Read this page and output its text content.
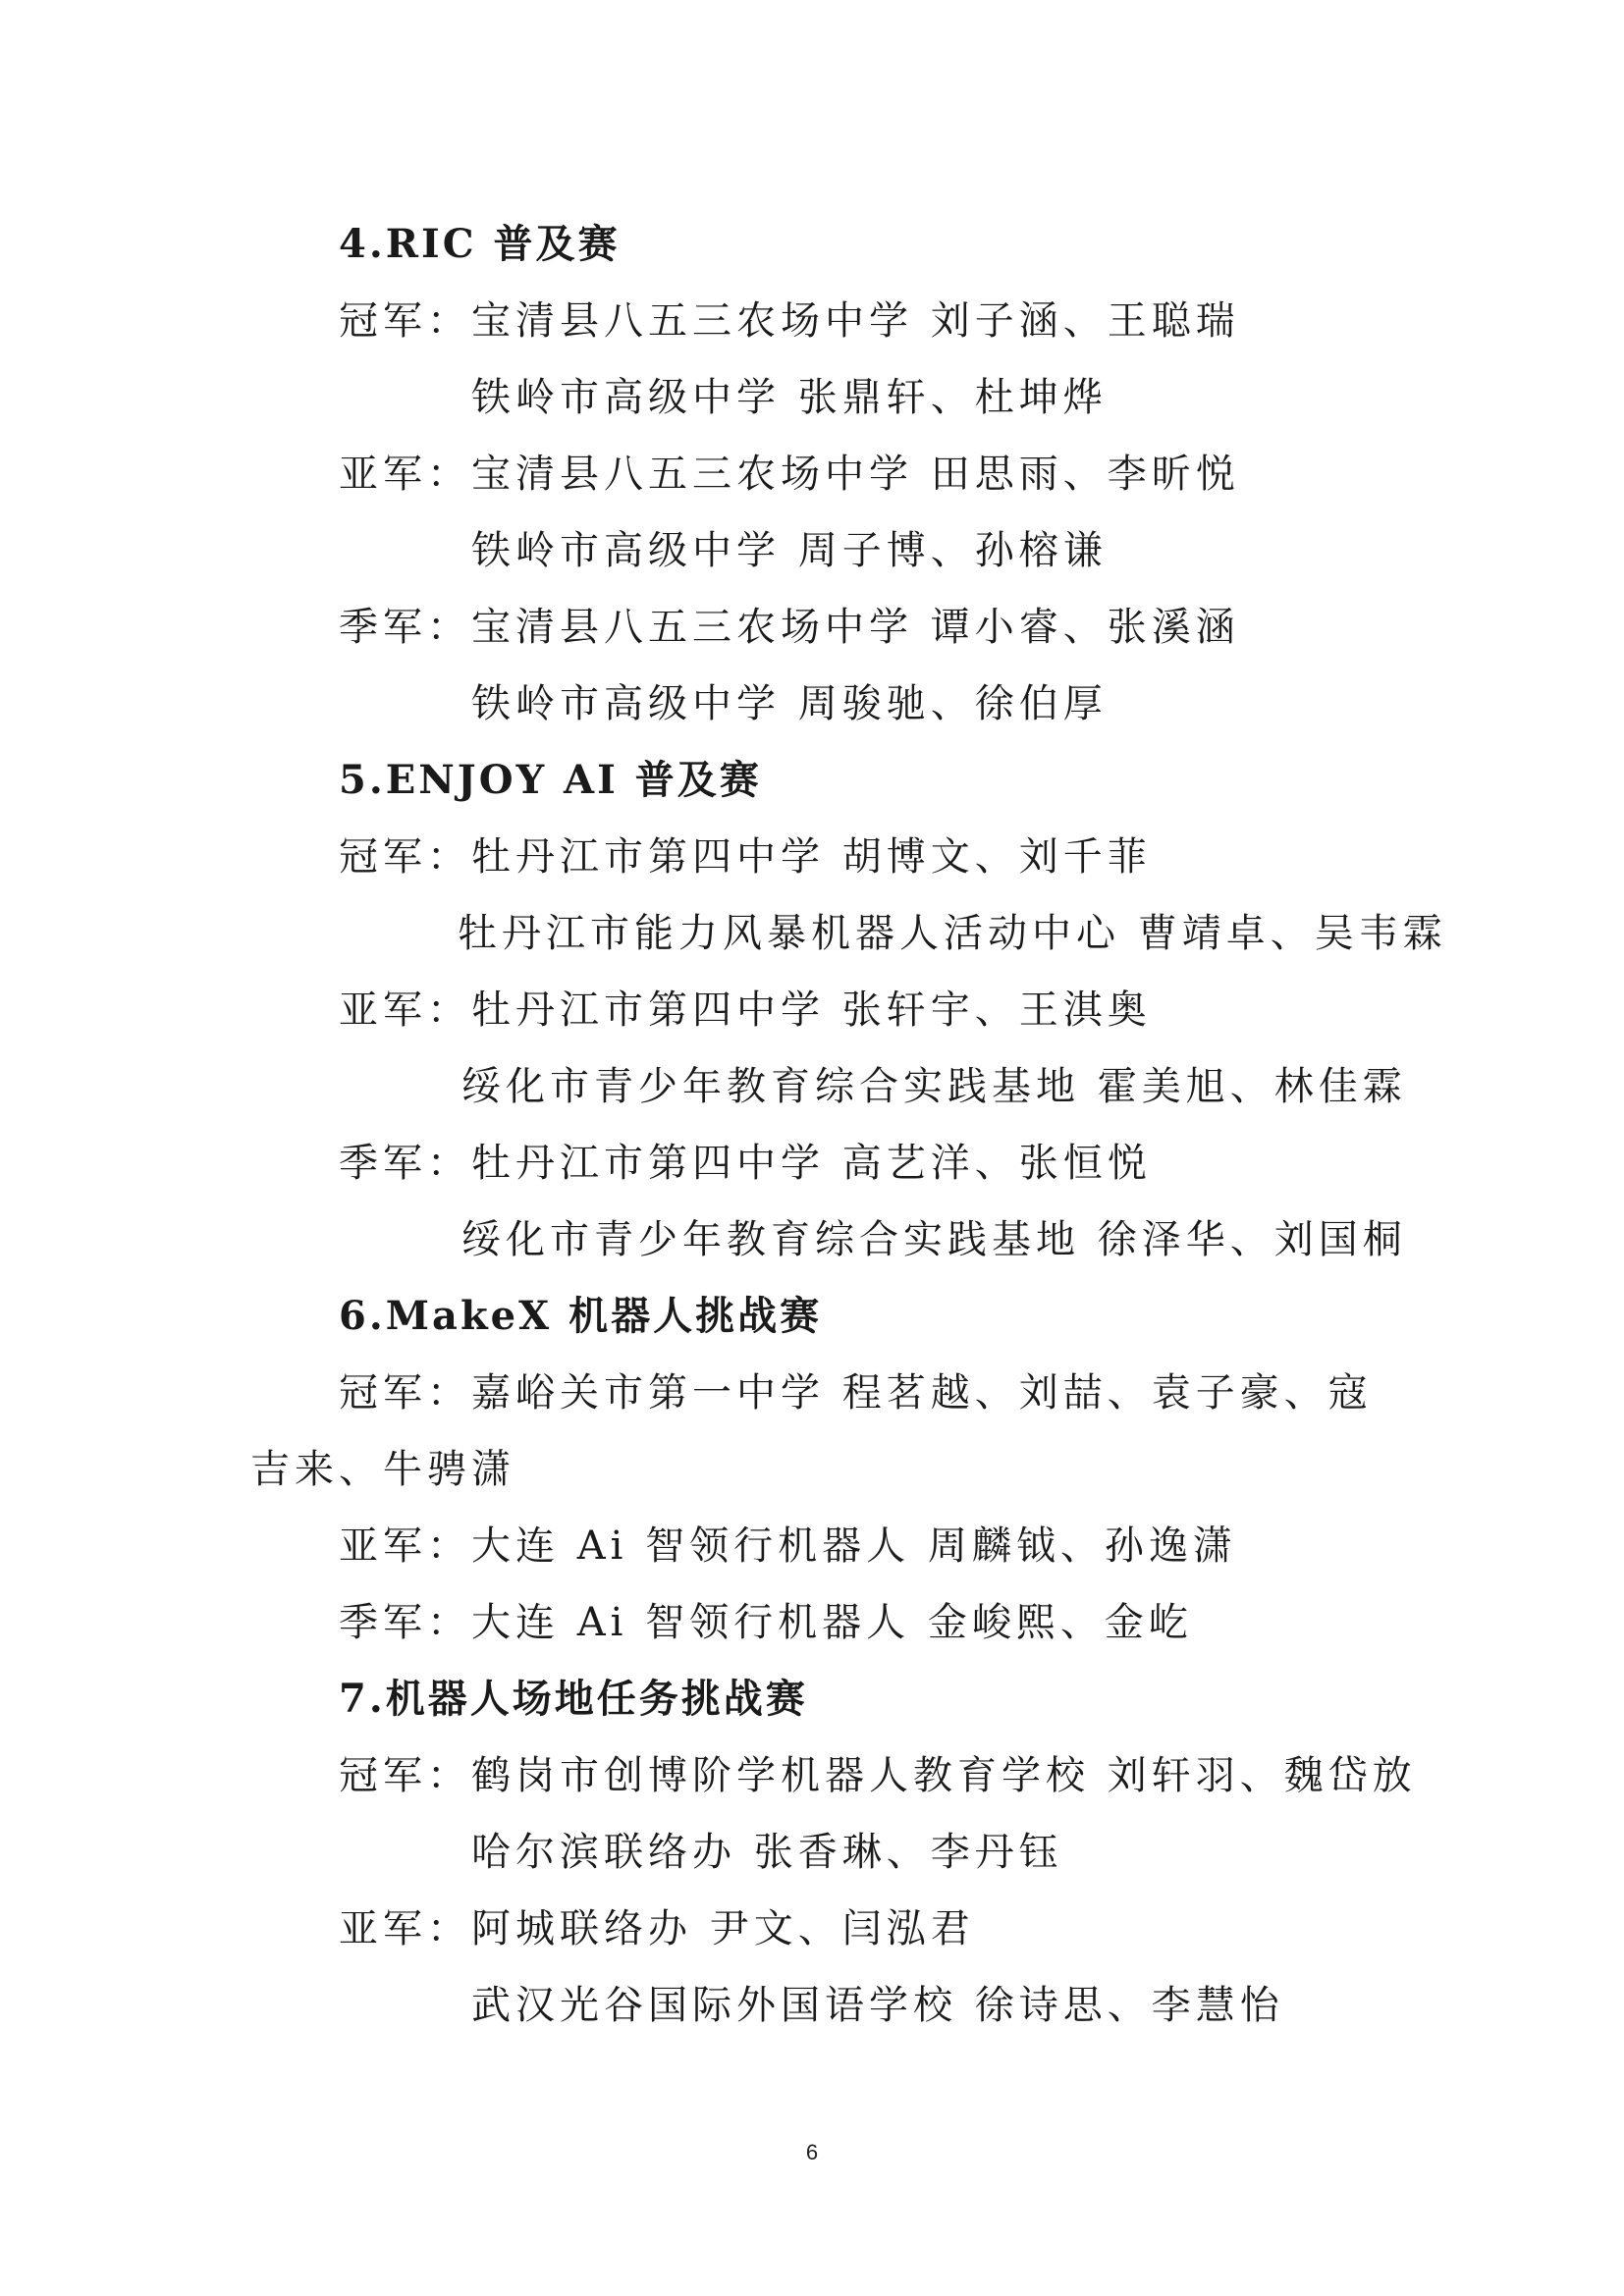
4.RIC 普及赛
冠军：宝清县八五三农场中学 刘子涵、王聪瑞
铁岭市高级中学 张鼎轩、杜坤烨
亚军：宝清县八五三农场中学 田思雨、李昕悦
铁岭市高级中学 周子博、孙榕谦
季军：宝清县八五三农场中学 谭小睿、张溪涵
铁岭市高级中学 周骏驰、徐伯厚
5.ENJOY AI 普及赛
冠军：牡丹江市第四中学 胡博文、刘千菲
牡丹江市能力风暴机器人活动中心 曹靖卓、吴韦霖
亚军：牡丹江市第四中学 张轩宇、王淇奥
绥化市青少年教育综合实践基地 霍美旭、林佳霖
季军：牡丹江市第四中学 高艺洋、张恒悦
绥化市青少年教育综合实践基地 徐泽华、刘国桐
6.MakeX 机器人挑战赛
冠军：嘉峪关市第一中学 程茗越、刘喆、袁子豪、寇
吉来、牛骋潇
亚军：大连 Ai 智领行机器人 周麟钺、孙逸潇
季军：大连 Ai 智领行机器人 金峻熙、金屹
7.机器人场地任务挑战赛
冠军：鹤岗市创博阶学机器人教育学校 刘轩羽、魏岱放
哈尔滨联络办 张香琳、李丹钰
亚军：阿城联络办 尹文、闫泓君
武汉光谷国际外国语学校 徐诗思、李慧怡
6
